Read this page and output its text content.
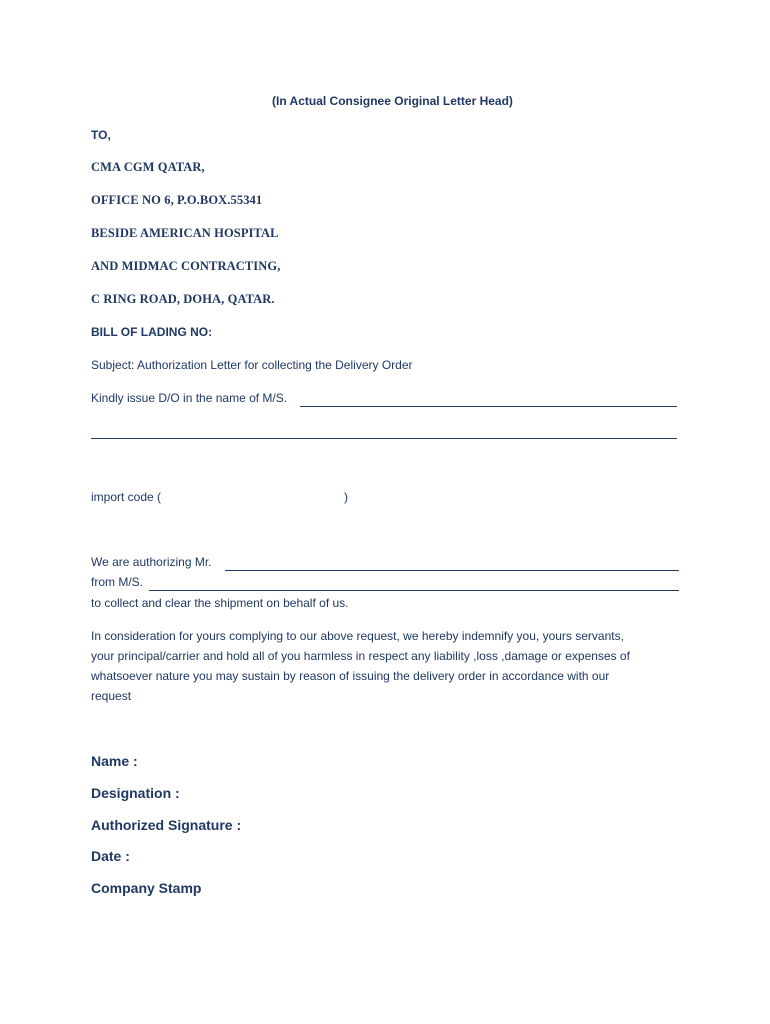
(In Actual Consignee Original Letter Head)
TO,
CMA CGM QATAR,
OFFICE NO 6, P.O.BOX.55341
BESIDE AMERICAN HOSPITAL
AND MIDMAC CONTRACTING,
C RING ROAD, DOHA, QATAR.
BILL OF LADING NO:
Subject: Authorization Letter for collecting the Delivery Order
Kindly issue D/O in the name of M/S.
import code (	)
We are authorizing Mr.
from M/S.
to collect and clear the shipment on behalf of us.
In consideration for yours complying to our above request, we hereby indemnify you, yours servants,
your principal/carrier and hold all of you harmless in respect any liability ,loss ,damage or expenses of
whatsoever nature you may sustain by reason of issuing the delivery order in accordance with our
request
Name :
Designation :
Authorized Signature :
Date :
Company Stamp
